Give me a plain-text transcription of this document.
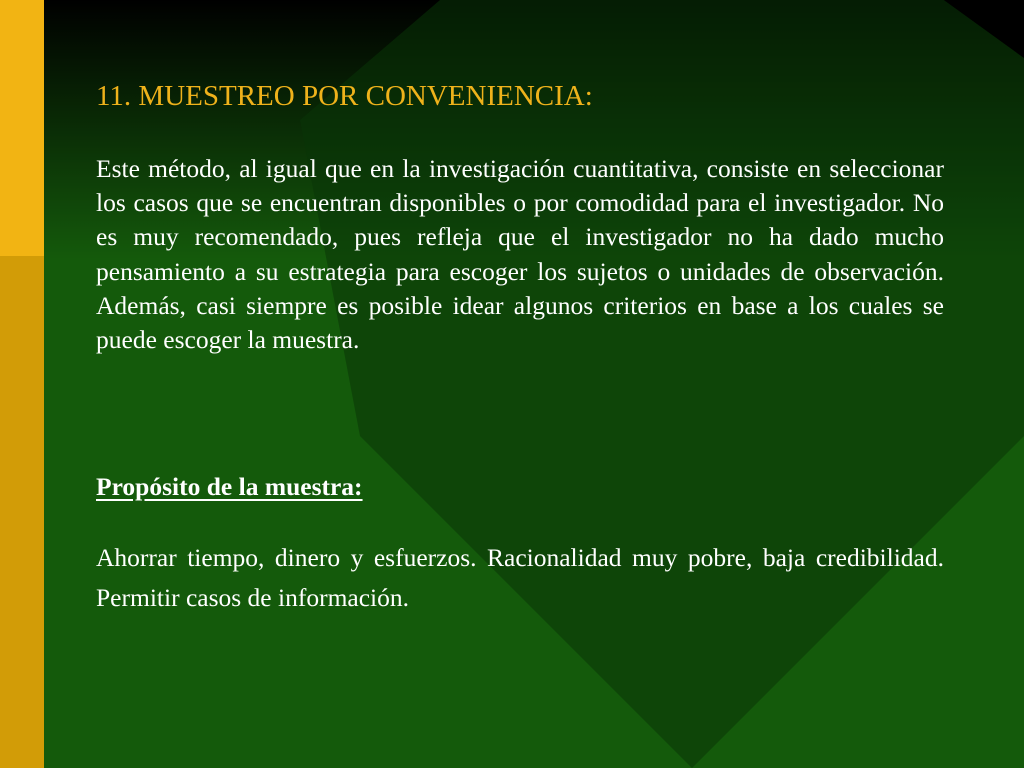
11. MUESTREO POR CONVENIENCIA:

Este método, al igual que en la investigación cuantitativa, consiste en seleccionar los casos que se encuentran disponibles o por comodidad para el investigador. No es muy recomendado, pues refleja que el investigador no ha dado mucho pensamiento a su estrategia para escoger los sujetos o unidades de observación. Además, casi siempre es posible idear algunos criterios en base a los cuales se puede escoger la muestra.

Propósito de la muestra:

Ahorrar tiempo, dinero y esfuerzos. Racionalidad muy pobre, baja credibilidad. Permitir casos de información.
